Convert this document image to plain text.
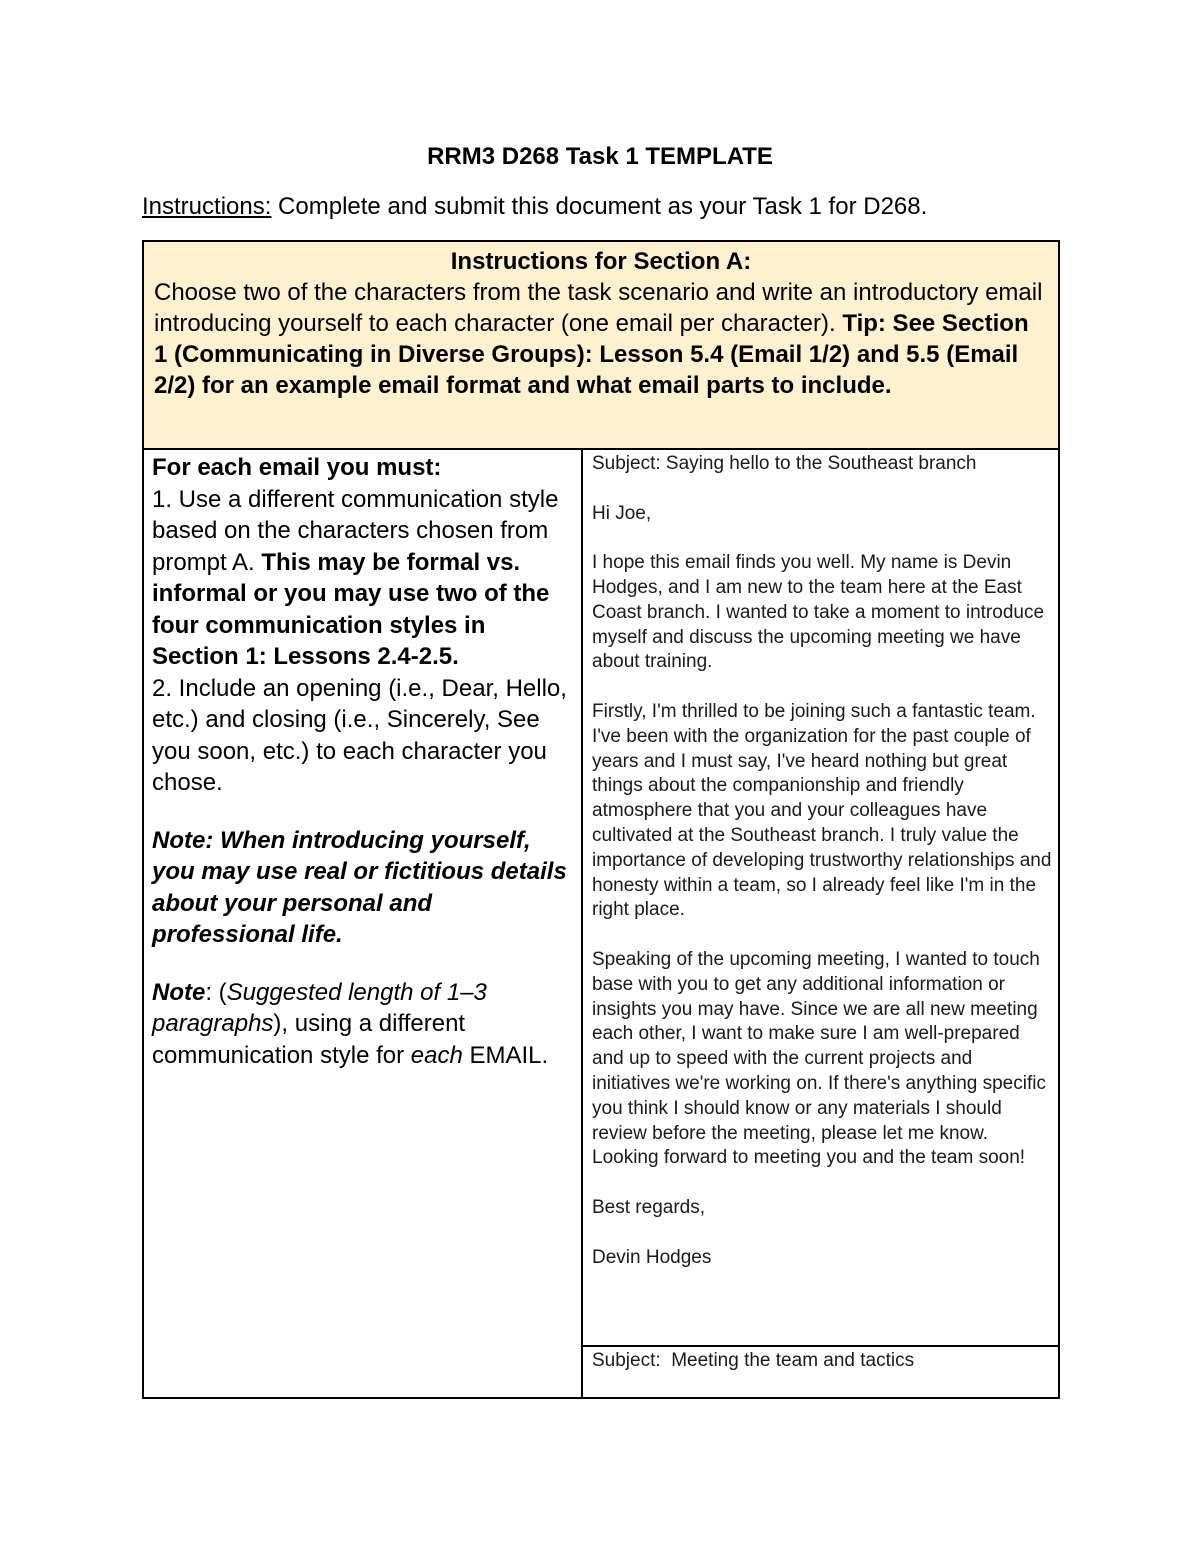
RRM3 D268 Task 1 TEMPLATE
Instructions: Complete and submit this document as your Task 1 for D268.
Instructions for Section A:
Choose two of the characters from the task scenario and write an introductory email introducing yourself to each character (one email per character). Tip: See Section 1 (Communicating in Diverse Groups): Lesson 5.4 (Email 1/2) and 5.5 (Email 2/2) for an example email format and what email parts to include.

For each email you must:

1. Use a different communication style based on the characters chosen from prompt A. This may be formal vs. informal or you may use two of the four communication styles in Section 1: Lessons 2.4-2.5.

2. Include an opening (i.e., Dear, Hello, etc.) and closing (i.e., Sincerely, See you soon, etc.) to each character you chose.

Note: When introducing yourself, you may use real or fictitious details about your personal and professional life.

Note: (Suggested length of 1–3 paragraphs), using a different communication style for each EMAIL.

Subject: Saying hello to the Southeast branch

Hi Joe,

I hope this email finds you well. My name is Devin Hodges, and I am new to the team here at the East Coast branch. I wanted to take a moment to introduce myself and discuss the upcoming meeting we have about training.

Firstly, I'm thrilled to be joining such a fantastic team. I've been with the organization for the past couple of years and I must say, I've heard nothing but great things about the companionship and friendly atmosphere that you and your colleagues have cultivated at the Southeast branch. I truly value the importance of developing trustworthy relationships and honesty within a team, so I already feel like I'm in the right place.

Speaking of the upcoming meeting, I wanted to touch base with you to get any additional information or insights you may have. Since we are all new meeting each other, I want to make sure I am well-prepared and up to speed with the current projects and initiatives we're working on. If there's anything specific you think I should know or any materials I should review before the meeting, please let me know. Looking forward to meeting you and the team soon!

Best regards,

Devin Hodges

Subject:  Meeting the team and tactics
